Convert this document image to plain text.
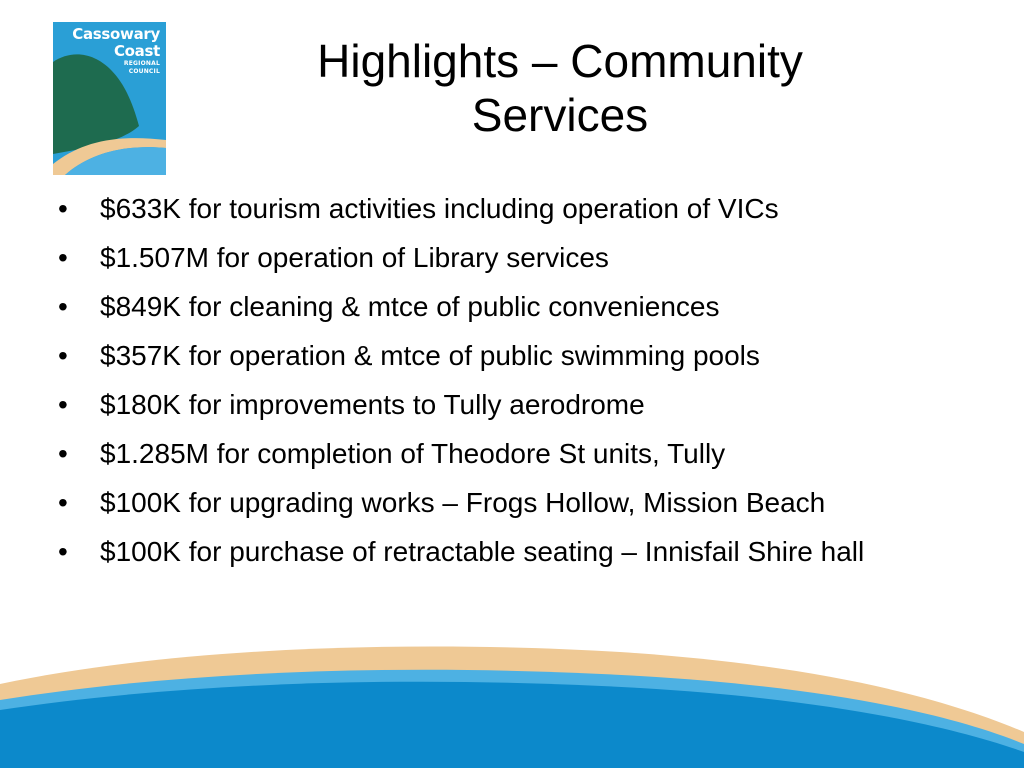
Cassowary
Coast
REGIONAL
COUNCIL	Highlights – Community
Services
•	$633K for tourism activities including operation of VICs
•	$1.507M for operation of Library services
•	$849K for cleaning & mtce of public conveniences
•	$357K for operation & mtce of public swimming pools
•	$180K for improvements to Tully aerodrome
•	$1.285M for completion of Theodore St units, Tully
•	$100K for upgrading works – Frogs Hollow, Mission Beach
•	$100K for purchase of retractable seating – Innisfail Shire hall
